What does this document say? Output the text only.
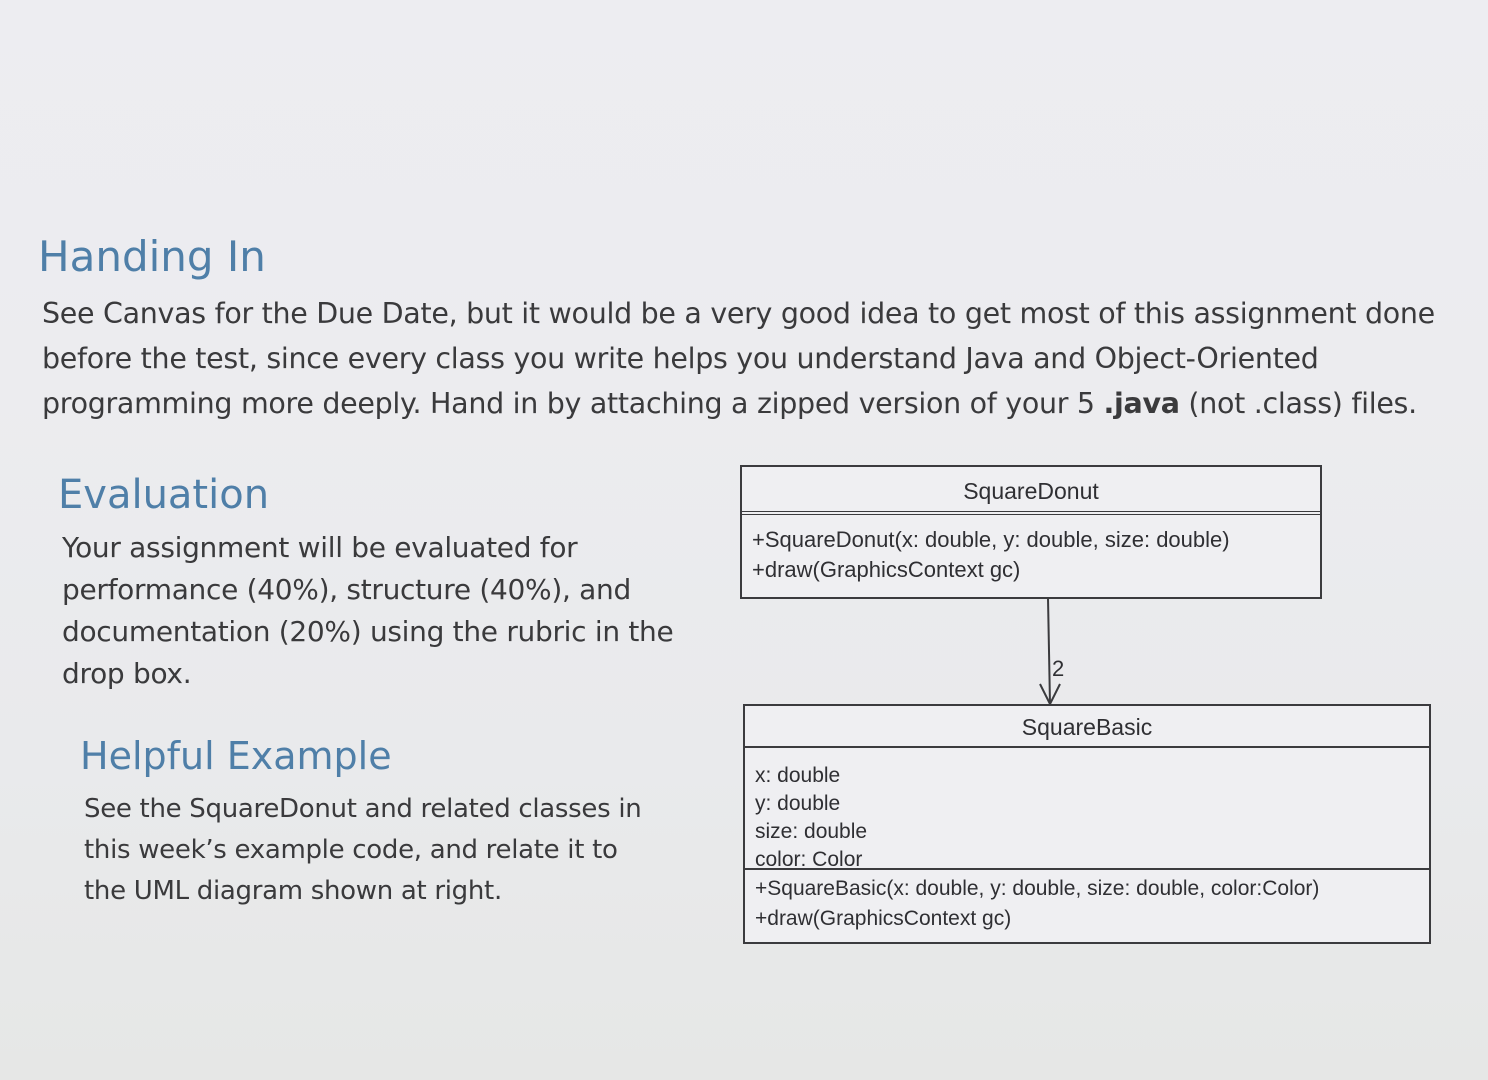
Handing In
See Canvas for the Due Date, but it would be a very good idea to get most of this assignment done
before the test, since every class you write helps you understand Java and Object-Oriented
programming more deeply. Hand in by attaching a zipped version of your 5 .java (not .class) files.
Evaluation
Your assignment will be evaluated for
performance (40%), structure (40%), and
documentation (20%) using the rubric in the
drop box.
Helpful Example
See the SquareDonut and related classes in
this week’s example code, and relate it to
the UML diagram shown at right.
SquareDonut
+SquareDonut(x: double, y: double, size: double)
+draw(GraphicsContext gc)
2
SquareBasic
x: double
y: double
size: double
color: Color
+SquareBasic(x: double, y: double, size: double, color:Color)
+draw(GraphicsContext gc)
